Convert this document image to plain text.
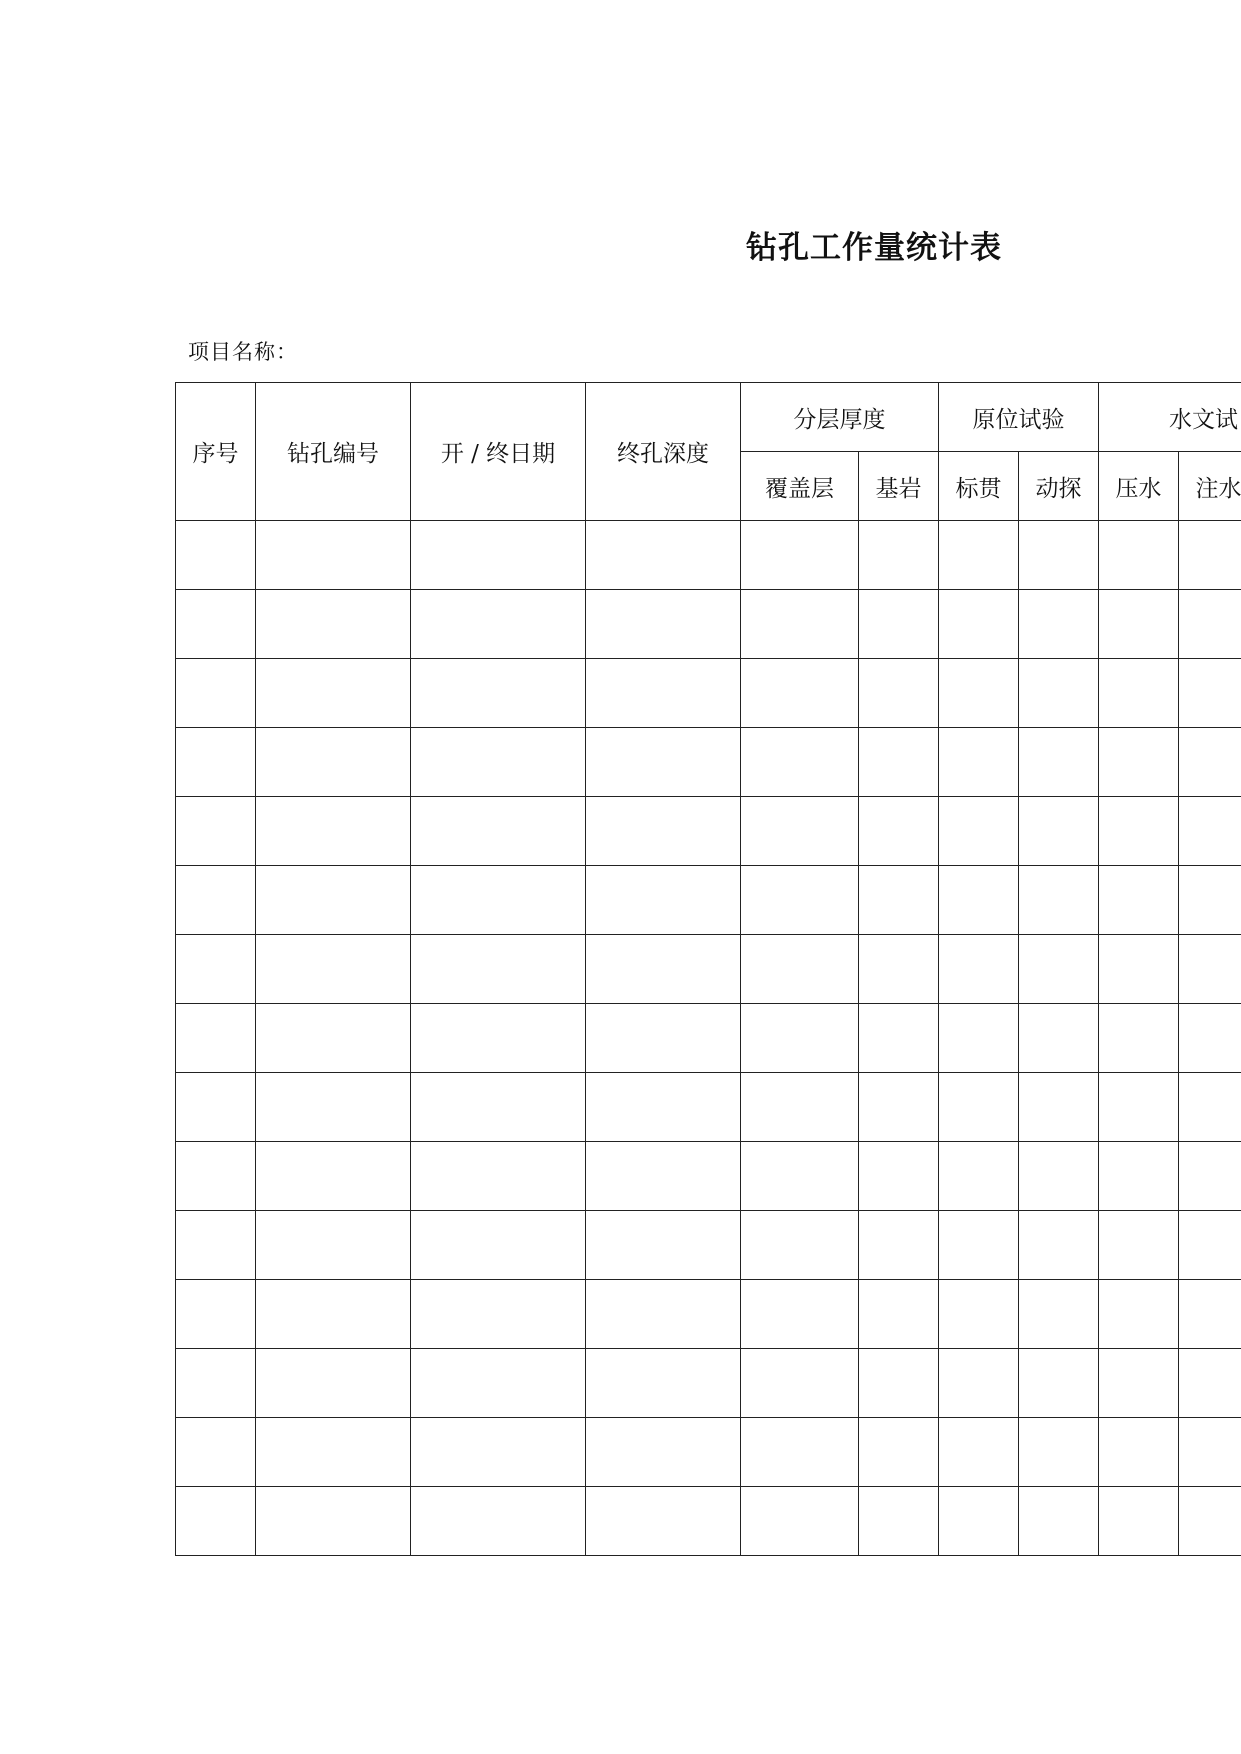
钻孔工作量统计表
项目名称：
序号	钻孔编号	开 / 终日期	终孔深度	分层厚度		原位试验		水文试		
				覆盖层	基岩	标贯	动探	压水	注水	
